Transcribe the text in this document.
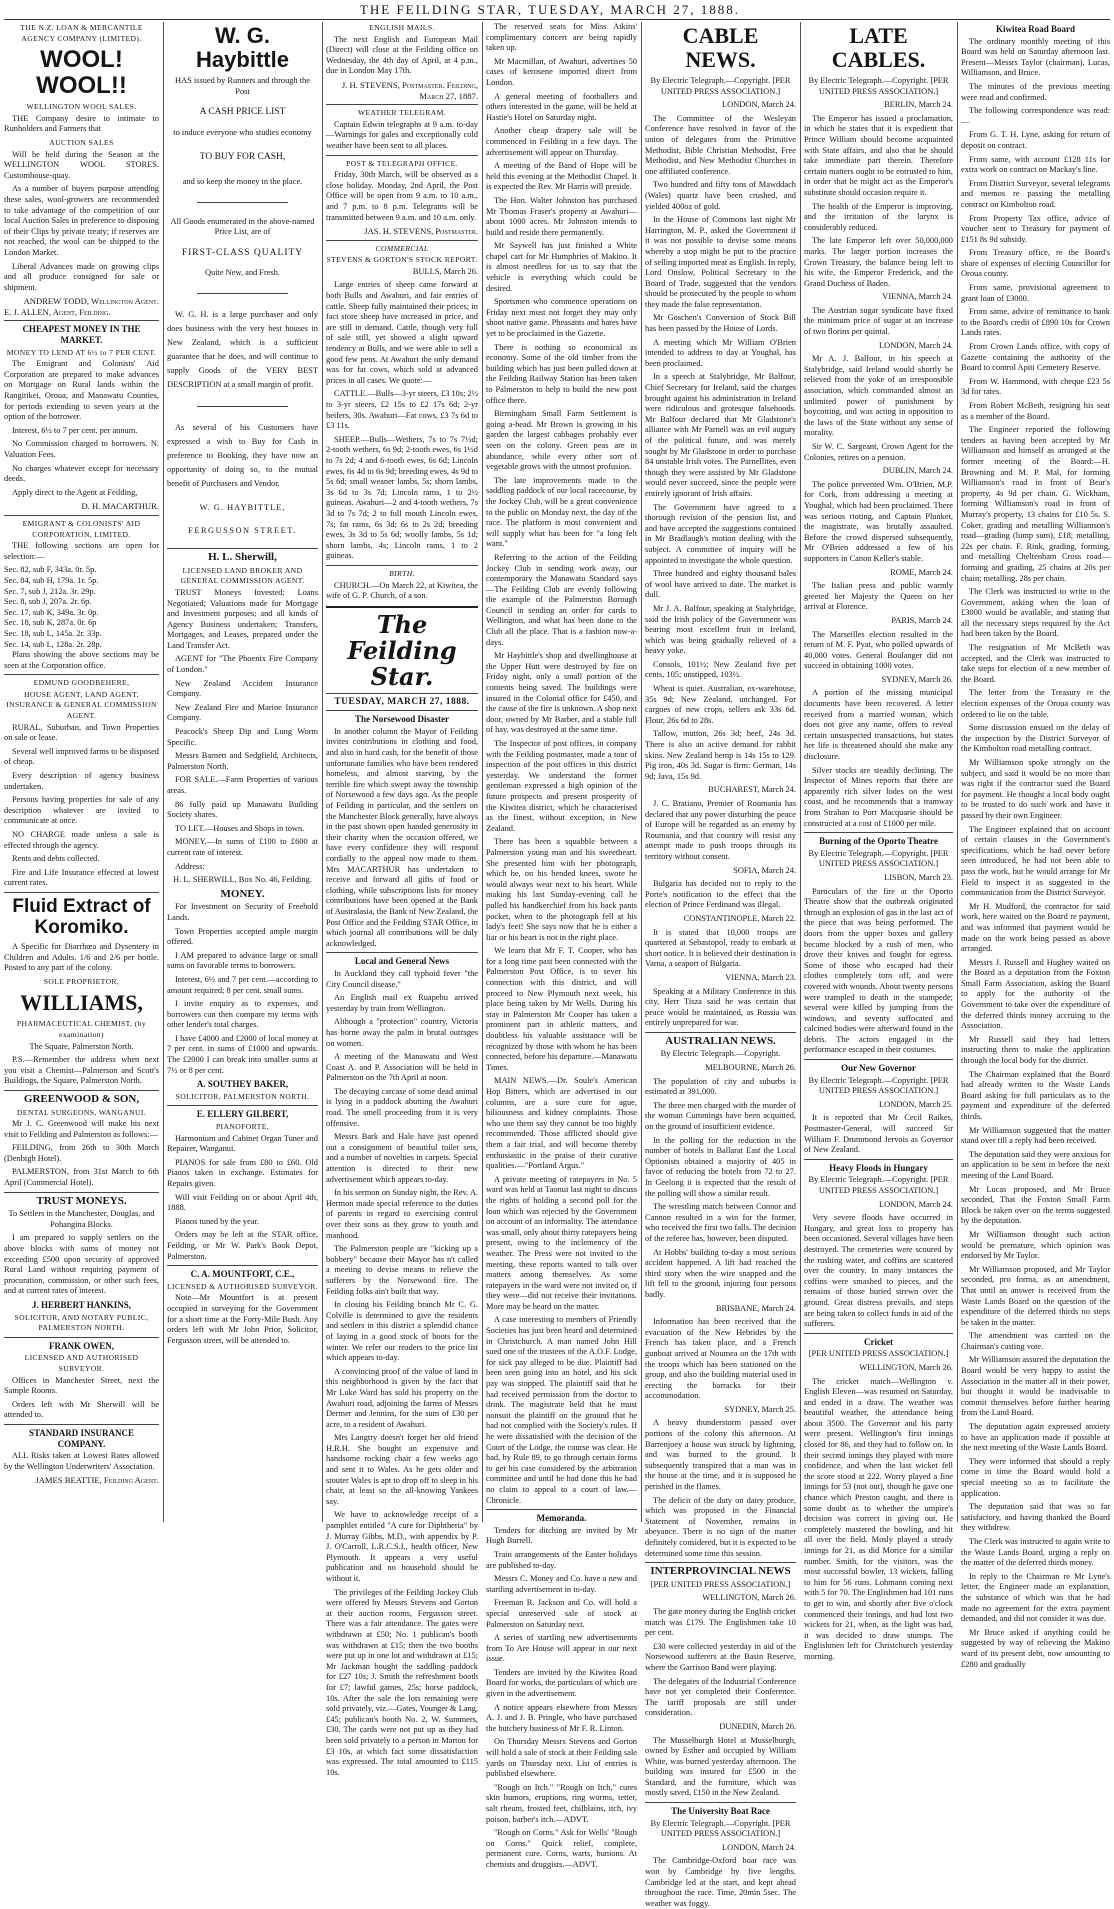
THE FEILDING STAR, TUESDAY, MARCH 27, 1888.
THE N.Z. LOAN & MERCANTILE AGENCY COMPANY (LIMITED).
WOOL! WOOL!!
WELLINGTON WOOL SALES.

THE Company desire to intimate to Runholders and Farmers that

AUCTION SALES

Will be held during the Season at the WELLINGTON WOOL STORES. Customhouse-quay.

As a number of buyers purpose attending these sales, wool-growers are recommended to take advantage of the competition of our local Auction Sales in preference to disposing of their Clips by private treaty; if reserves are not reached, the wool can be shipped to the London Market.

Liberal Advances made on growing clips and all produce consigned for sale or shipment.

ANDREW TODD, Wellington Agent.
E. J. ALLEN, Agent, Feilding.
CHEAPEST MONEY IN THE MARKET.
MONEY TO LEND AT 6½ to 7 PER CENT.

The Emigrant and Colonists' Aid Corporation are prepared to make advances on Mortgage on Rural lands within the Rangitikei, Oroua, and Manawatu Counties, for periods extending to seven years at the option of the borrower.

Interest, 6½ to 7 per cent. per annum.

No Commission charged to borrowers. N. Valuation Fees.

No charges whatever except for necessary deeds.

Apply direct to the Agent at Feilding,

D. H. MACARTHUR.
EMIGRANT & COLONISTS' AID CORPORATION, LIMITED.

THE following sections are open for selection:—

Sec. 82, sub F, 343a. 0r. 5p.
Sec. 84, sub H, 179a. 1r. 5p.
Sec. 7, sub J, 212a. 3r. 29p.
Sec. 8, sub J, 207a. 2r. 6p.
Sec. 17, sub K, 349a. 3r. 0p.
Sec. 18, sub K, 287a. 0r. 6p
Sec. 18, sub L, 145a. 2r. 33p.
Sec. 14, sub L, 128a. 2r. 28p.

Plans showing the above sections may be seen at the Corporation office.

EDMUND GOODBEHERE,
HOUSE AGENT, LAND AGENT, INSURANCE & GENERAL COMMISSION AGENT.

RURAL, Suburban, and Town Properties on sale or lease.

Several well improved farms to be disposed of cheap.

Every description of agency business undertaken.

Persons having properties for sale of any description whatever are invited to communicate at once.

NO CHARGE made unless a sale is effected through the agency.

Rents and debts collected.

Fire and Life Insurance effected at lowest current rates.

Fluid Extract of Koromiko.

A Specific for Diarrhœa and Dysentery in Children and Adults. 1/6 and 2/6 per bottle. Posted to any part of the colony.

SOLE PROPRIETOR,
WILLIAMS,
PHARMACEUTICAL CHEMIST, (by examination)

The Square, Palmerston North.

P.S.—Remember the address when next you visit a Chemist—Palmerson and Scott's Buildings, the Square, Palmerston North.

GREENWOOD & SON,
DENTAL SURGEONS, WANGANUI.

Mr J. C. Greenwood will make his next visit to Feilding and Palmerston as follows:—

FEILDING, from 26th to 30th March (Denbigh Hotel).

PALMERSTON, from 31st March to 6th April (Commercial Hotel).

TRUST MONEYS.

To Settlers in the Manchester, Douglas, and Pohangina Blocks.

I am prepared to supply settlers on the above blocks with sums of money not exceeding £500 upon security of approved Rural Land without requiring payment of procuration, commission, or other such fees, and at current rates of interest.

J. HERBERT HANKINS,
SOLICITOR, AND NOTARY PUBLIC, PALMERSTON NORTH.
FRANK OWEN,
LICENSED AND AUTHORISED SURVEYOR.

Offices in Manchester Street, next the Sample Rooms.

Orders left with Mr Sherwill will be attended to.

STANDARD INSURANCE COMPANY.

ALL Risks taken at Lowest Rates allowed by the Wellington Underwriters' Association.

JAMES BEATTIE, Feilding Agent.
W. G. Haybittle

HAS issued by Runners and through the Post

A CASH PRICE LIST

to induce everyone who studies economy

TO BUY FOR CASH,

and so keep the money in the place.

All Goods enumerated in the above-named Price List, are of

FIRST-CLASS QUALITY

Quite New, and Fresh.

W. G. H. is a large purchaser and only does business with the very best houses in New Zealand, which is a sufficient guarantee that he does, and will continue to supply Goods of the VERY BEST DESCRIPTION at a small margin of profit.

As several of his Customers have expressed a wish to Buy for Cash in preference to Booking, they have now an opportunity of doing so, to the mutual benefit of Purchasers and Vendor.

W. G. HAYBITTLE,

FERGUSSON STREET.

H. L. Sherwill,
LICENSED LAND BROKER AND GENERAL COMMISSION AGENT.

TRUST Moneys Invested; Loans Negotiated; Valuations made for Mortgage and Investment purposes; and all kinds of Agency Business undertaken; Transfers, Mortgages, and Leases, prepared under the Land Transfer Act.

AGENT for "The Phoenix Fire Company of London."

New Zealand Accident Insurance Company.

New Zealand Fire and Marine Insurance Company.

Peacock's Sheep Dip and Lung Worm Specific.

Messrs Barnett and Sedgfield, Architects, Palmerston North.

FOR SALE.—Farm Properties of various areas.

86 fully paid up Manawatu Building Society shares.

TO LET.—Houses and Shops in town.

MONEY.—In sums of £100 to £600 at current rate of interest.

Address:

H. L. SHERWILL, Box No. 46, Feilding.

MONEY.

For Investment on Security of Freehold Lands.

Town Properties accepted ample margin offered.

I AM prepared to advance large or small sums on favorable terms to borrowers.

Interest, 6½ and 7 per cent.—according to amount required; 8 per cent. small sums.

I invite enquiry as to expenses, and borrowers can then compare my terms with other lender's total charges.

I have £4000 and £2000 of local money at 7 per cent. in sums of £1000 and upwards. The £2000 I can break into smaller sums at 7½ or 8 per cent.

A. SOUTHEY BAKER,
SOLICITOR, PALMERSTON NORTH.
E. ELLERY GILBERT,
PIANOFORTE,

Harmonium and Cabinet Organ Tuner and Repairer, Wanganui.

PIANOS for sale from £80 to £60. Old Pianos taken in exchange. Estimates for Repairs given.

Will visit Feilding on or about April 4th, 1888.

Pianos tuned by the year.

Orders may be left at the STAR office, Feilding, or Mr W. Park's Book Depot, Palmerston.

C. A. MOUNTFORT, C.E.,
LICENSED & AUTHORISED SURVEYOR.

Note—Mr Mountfort is at present occupied in surveying for the Government for a short time at the Forty-Mile Bush. Any orders left with Mr John Prior, Solicitor, Fergusson street, will be attended to.

ENGLISH MAILS.

The next English and European Mail (Direct) will close at the Feilding office on Wednesday, the 4th day of April, at 4 p.m., due in London May 17th.

J. H. STEVENS, Postmaster. Feilding, March 27, 1887.
WEATHER TELEGRAM.

Captain Edwin telegraphs at 9 a.m. to-day—Warnings for gales and exceptionally cold weather have been sent to all places.

POST & TELEGRAPH OFFICE.

Friday, 30th March, will be observed as a close holiday. Monday, 2nd April, the Post Office will be open from 9 a.m. to 10 a.m., and 7 p.m. to 8 p.m. Telegrams will be transmitted between 9 a.m. and 10 a.m. only.

JAS. H. STEVENS, Postmaster.
COMMERCIAL
STEVENS & GORTON'S STOCK REPORT.

BULLS, March 26.

Large entries of sheep came forward at both Bulls and Awahuri, and fair entries of cattle. Sheep fully maintained their prices; in fact store sheep have increased in price, and are still in demand. Cattle, though very full of sale still, yet showed a slight upward tendency at Bulls, and we were able to sell a good few pens. At Awahuri the only demand was for fat cows, which sold at advanced prices in all cases. We quote:—

CATTLE.—Bulls—3-yr steers, £3 10s; 2½ to 3-yr steers, £2 15s to £2 17s 6d; 2-yr heifers, 30s. Awahuri—Fat cows, £3 7s 6d to £3 11s.

SHEEP.—Bulls—Wethers, 7s to 7s 7½d; 2-tooth wethers, 6s 9d; 2-tooth ewes, 6s 1½d to 7s 2d; 4 and 6-tooth ewes, 6s 6d; Lincoln ewes, 6s 4d to 6s 9d; breeding ewes, 4s 9d to 5s 6d; small weaner lambs, 5s; shorn lambs, 3s 6d to 3s 7d; Lincoln rams, 1 to 2½ guineas. Awahuri—2 and 4-tooth wethers, 7s 3d to 7s 7d; 2 to full mouth Lincoln ewes, 7s; fat rams, 6s 3d; 6s to 2s 2d; breeding ewes, 3s 3d to 5s 6d; woolly lambs, 5s 1d; shorn lambs, 4s; Lincoln rams, 1 to 2 guineas.

BIRTH.

CHURCH.—On March 22, at Kiwitea, the wife of G. P. Church, of a son.

The Feilding Star.
TUESDAY, MARCH 27, 1888.
The Norsewood Disaster

In another column the Mayor of Feilding invites contributions in clothing and food, and also in hard cash, for the benefit of those unfortunate families who have been rendered homeless, and almost starving, by the terrible fire which swept away the township of Norsewood a few days ago. As the people of Feilding in particular, and the settlers on the Manchester Block generally, have always in the past shown open handed generosity in their charity when the occasion offered, we have every confidence they will respond cordially to the appeal now made to them. Mrs MACARTHUR has undertaken to receive and forward all gifts of food or clothing, while subscriptions lists for money contributions have been opened at the Bank of Australasia, the Bank of New Zealand, the Post Office and the Feilding STAR Office, in which journal all contributions will be duly acknowledged.

Local and General News

In Auckland they call typhoid fever "the City Council disease."

An English mail ex Ruapehu arrived yesterday by train from Wellington.

Although a "protection" country, Victoria has borne away the palm in brutal outrages on women.

A meeting of the Manawatu and West Coast A. and P. Association will be held in Palmerston on the 7th April at noon.

The decaying carcase of some dead animal is lying in a paddock abutting the Awahuri road. The smell proceeding from it is very offensive.

Messrs Bark and Hale have just opened out a consignment of beautiful toilet sets, and a number of novelties in carpets. Special attention is directed to their new advertisement which appears to-day.

In his sermon on Sunday night, the Rev. A. Hermon made special reference to the duties of parents in regard to exercising control over their sons as they grow to youth and manhood.

The Palmerston people are "kicking up a bobbery" because their Mayor has n't called a meeting to devise means to relieve the sufferers by the Norsewood fire. The Feilding folks ain't built that way.

In closing his Feilding branch Mr C. G. Colville is determined to give the residents and settlers in this district a splendid chance of laying in a good stock of boots for the winter. We refer our readers to the price list which appears to-day.

A convincing proof of the value of land in this neighborhood is given by the fact that Mr Luke Ward has sold his property on the Awahuri road, adjoining the farms of Messrs Dermer and Jennins, for the sum of £30 per acre, to a resident of Awahuri.

Mrs Langtry doesn't forget her old friend H.R.H. She bought an expensive and handsome rocking chair a few weeks ago and sent it to Wales. As he gets older and stouter Wales is apt to drop off to sleep in his chair, at least so the all-knowing Yankees say.

We have to acknowledge receipt of a pamphlet entitled "A cure for Diphtheria" by J. Murray Gibbs, M.D., with appendix by P. J. O'Carroll, L.R.C.S.I., health officer, New Plymouth. It appears a very useful publication and no household should be without it.

The privileges of the Feilding Jockey Club were offered by Messrs Stevens and Gorton at their auction rooms, Fergusson street. There was a fair attendance. The gates were withdrawn at £50; No. 1 publican's booth was withdrawn at £15; then the two booths were put up in one lot and withdrawn at £15; Mr Jackman bought the saddling paddock for £27 10s; J. Smith the refreshment booth for £7; lawful games, 25s; horse paddock, 10s. After the sale the lots remaining were sold privately, viz.—Gates, Younger & Lang, £45; publican's booth No. 2, W. Summers, £30. The cards were not put up as they had been sold privately to a person in Marton for £3 10s, at which fact some dissatisfaction was expressed. The total amounted to £115 10s.

The reserved seats for Miss Atkins' complimentary concert are being rapidly taken up.

Mr Macmillan, of Awahuri, advertises 50 cases of kerosene imported direct from London.

A general meeting of footballers and others interested in the game, will be held at Hastie's Hotel on Saturday night.

Another cheap drapery sale will be commenced in Feilding in a few days. The advertisement will appear on Thursday.

A meeting of the Band of Hope will be held this evening at the Methodist Chapel. It is expected the Rev. Mr Harris will preside.

The Hon. Walter Johnston has purchased Mr Thomas Fraser's property at Awahuri—about 1000 acres. Mr Johnston intends to build and reside there permanently.

Mr Saywell has just finished a White chapel cart for Mr Humphries of Makino. It is almost needless for us to say that the vehicle is everything which could be desired.

Sportsmen who commence operations on Friday next must not forget they may only shoot native game. Pheasants and hares have yet to be proclaimed in the Gazette.

There is nothing so economical as economy. Some of the old timber from the building which has just been pulled down at the Feilding Railway Station has been taken to Palmerston to help to build the new post office there.

Birmingham Small Farm Settlement is going a-head. Mr Brown is growing in his garden the largest cabbages probably ever seen on the colony. Green peas are in abundance, while every other sort of vegetable grows with the utmost profusion.

The late improvements made to the saddling paddock of our local racecourse, by the Jockey Club, will be a great convenience to the public on Monday next, the day of the race. The platform is most convenient and will supply what has been for "a long felt want."

Referring to the action of the Feilding Jockey Club in sending work away, our contemporary the Manawatu Standard says—The Feilding Club are evenly following the example of the Palmerston Borough Council in sending an order for cards to Wellington, and what has been done to the Club all the place. That is a fashion now-a-days.

Mr Haybittle's shop and dwellinghouse at the Upper Hutt were destroyed by fire on Friday night, only a small portion of the contents being saved. The buildings were insured in the Colonial office for £450, and the cause of the fire is unknown. A shop next door, owned by Mr Barber, and a stable full of hay, was destroyed at the same time.

The Inspector of post offices, in company with the Feilding postmaster, made a tour of inspection of the post offices in this district yesterday. We understand the former gentleman expressed a high opinion of the future prospects and present prosperity of the Kiwitea district, which he characterised as the finest, without exception, in New Zealand.

There has been a squabble between a Palmerston young man and his sweetheart. She presented him with her photograph, which he, on his bended knees, swore he would always wear next to his heart. While making his last Sunday-evening call he pulled his handkerchief from his back pants pocket, when to the photograph fell at his lady's feet! She says now that he is either a liar or his heart is not in the right place.

We learn that Mr F. T. Cooper, who has for a long time past been connected with the Palmerston Post Office, is to sever his connection with this district, and will proceed to New Plymouth next week, his place being taken by Mr Wells. During his stay in Palmerston Mr Cooper has taken a prominent part in athletic matters, and doubtless his valuable assistance will be recognized by those with whom he has been connected, before his departure.—Manawatu Times.

MAIN NEWS.—Dr. Soule's American Hop Bitters, which are advertised in our columns, are a sure cure for ague, biliousness and kidney complaints. Those who use them say they cannot be too highly recommended. Those afflicted should give them a fair trial, and will become thereby enthusiastic in the praise of their curative qualities.—"Portland Argus."

A private meeting of ratepayers in No. 5 ward was held at Taonui last night to discuss the rights of holding a second poll for the loan which was rejected by the Government on account of an informality. The attendance was small, only about thirty ratepayers being present, owing to the inclemency of the weather. The Press were not invited to the meeting, these reports wanted to talk over matters among themselves. As some ratepayers in the ward were not invited or, if they were—did not receive their invitations. More may be heard on the matter.

A case interesting to members of Friendly Societies has just been heard and determined in Christchurch. A man named John Hill sued one of the trustees of the A.O.F. Lodge, for sick pay alleged to be due. Plaintiff had been seen going into an hotel, and his sick pay was stopped. The plaintiff said that he had received permission from the doctor to drink. The magistrate held that he must nonsuit the plaintiff on the ground that he had not complied with the Society's rules. If he were dissatisfied with the decision of the Court of the Lodge, the course was clear. He had, by Rule 89, to go through certain forms to get his case considered by the arbitration committee and until he had done this he had no claim to appeal to a court of law.—Chronicle.

Memoranda.

Tenders for ditching are invited by Mr Hugh Burrell.

Train arrangements of the Easter holidays are published to-day.

Messrs C. Money and Co. have a new and startling advertisement in to-day.

Freeman R. Jackson and Co. will hold a special unreserved sale of stock at Palmerston on Saturday next.

A series of startling new advertisements from To Are House will appear in our next issue.

Tenders are invited by the Kiwitea Road Board for works, the particulars of which are given in the advertisement.

A notice appears elsewhere from Messrs A. J. and J. B. Pringle, who have purchased the butchery business of Mr F. R. Linton.

On Thursday Messrs Stevens and Gorton will hold a sale of stock at their Feilding sale yards on Thursday next. List of entries is published elsewhere.

"Rough on Itch." "Rough on Itch," cures skin humors, eruptions, ring worms, tetter, salt rheum, frosted feet, chilblains, itch, ivy poison, barber's itch.—ADVT.

"Rough on Corns." Ask for Wells' "Rough on Corns." Quick relief, complete, permanent cure. Corns, warts, bunions. At chemists and druggists.—ADVT.

CABLE NEWS.

By Electric Telegraph.—Copyright. [PER UNITED PRESS ASSOCIATION.]

LONDON, March 24.

The Committee of the Wesleyan Conference have resolved in favor of the union of delegates from the Primitive Methodist, Bible Christian Methodist, Free Methodist, and New Methodist Churches in one affiliated conference.

Two hundred and fifty tons of Mawddach (Wales) quartz have been crushed, and yielded 400oz of gold.

In the House of Commons last night Mr Harrington, M. P., asked the Government if it was not possible to devise some means whereby a stop might be put to the practice of selling imported meat as English. In reply, Lord Onslow, Political Secretary to the Board of Trade, suggested that the vendors should be prosecuted by the people to whom they made the false representation.

Mr Goschen's Conversion of Stock Bill has been passed by the House of Lords.

A meeting which Mr William O'Brien intended to address to day at Youghal, has been proclaimed.

In a speech at Stalybridge, Mr Balfour, Chief Secretary for Ireland, said the charges brought against his administration in Ireland were ridiculous and grotesque falsehoods. Mr Balfour declared that Mr Gladstone's alliance with Mr Parnell was an evil augury of the political future, and was merely sought by Mr Gladstone in order to purchase 84 unstable Irish votes. The Parnellites, even though they were assisted by Mr Gladstone would never succeed, since the people were entirely ignorant of Irish affairs.

The Government have agreed to a thorough revision of the pension list, and and have accepted the suggestions contained in Mr Bradlaugh's motion dealing with the subject. A committee of inquiry will be appointed to investigate the whole question.

Three hundred and eighty thousand bales of wool have arrived to date. The market is dull.

Mr J. A. Balfour, speaking at Stalybridge, said the Irish policy of the Government was bearing most excellent fruit in Ireland, which was being gradually relieved of a heavy yoke.

Consols, 101½; New Zealand five per cents, 105; unstipped, 103½.

Wheat is quiet. Australian, ex-warehouse, 35s 9d; New Zealand, unchanged. For cargoes of new crops, sellers ask 33s 6d. Flour, 26s 6d to 28s.

Tallow, mutton, 26s 3d; beef, 24s 3d. There is also an active demand for rabbit skins. New Zealand hemp is 14s 15s to 129. Pig iron, 40s 3d. Sugar is firm: German, 14s 9d; Java, 15s 9d.

BUCHAREST, March 24.

J. C. Bratiano, Premier of Roumania has declared that any power disturbing the peace of Europe will be regarded as an enemy by Roumania, and that country will resist any attempt made to push troops through its territory without consent.

SOFIA, March 24.

Bulgaria has decided not to reply to the Porte's notification to the effect that the election of Prince Ferdinand was illegal.

CONSTANTINOPLE, March 22.

It is stated that 10,000 troops are quartered at Sebastopol, ready to embark at short notice. It is believed their destination is Varna, a seaport of Bulgaria.

VIENNA, March 23.

Speaking at a Military Conference in this city, Herr Tisza said he was certain that peace would be maintained, as Russia was entirely unprepared for war.

AUSTRALIAN NEWS.

By Electric Telegraph.—Copyright.

MELBOURNE, March 26.

The population of city and suburbs is estimated at 391,000.

The three men charged with the murder of the woman Cummings have been acquitted, on the ground of insufficient evidence.

In the polling for the reduction in the number of hotels in Ballarat East the Local Optionists obtained a majority of 405 in favor of reducing the hotels from 72 to 27. In Geelong it is expected that the result of the polling will show a similar result.

The wrestling match between Connor and Cannon resulted in a win for the former, who received the first two falls. The decision of the referee has, however, been disputed.

At Hobbs' building to-day a most serious accident happened. A lift had reached the third story when the wire snapped and the lift fell to the ground, injuring four persons badly.

BRISBANE, March 24.

Information has been received that the evacuation of the New Hebrides by the French has taken place, and a French gunboat arrived at Noumea on the 17th with the troops which has been stationed on the group, and also the building material used in erecting the barracks for their accommodation.

SYDNEY, March 25.

A heavy thunderstorm passed over portions of the colony this afternoon. At Barrenjoey a house was struck by lightning, and was burned to the ground. It subsequently transpired that a man was in the house at the time, and it is supposed he perished in the flames.

The deficit of the duty on dairy produce, which was proposed in the Financial Statement of November, remains in abeyance. There is no sign of the matter definitely considered, but it is expected to be determined some time this session.

INTERPROVINCIAL NEWS

[PER UNITED PRESS ASSOCIATION.]

WELLINGTON, March 26.

The gate money during the English cricket match was £179. The Englishmen take 10 per cent.

£30 were collected yesterday in aid of the Norsewood sufferers at the Basin Reserve, where the Garrison Band were playing.

The delegates of the Industrial Conference have not yet completed their Conference. The tariff proposals are still under consideration.

DUNEDIN, March 26.

The Musselburgh Hotel at Musselburgh, owned by Esther and occupied by William White, was burned yesterday afternoon. The building was insured for £500 in the Standard, and the furniture, which was mostly saved, £150 in the New Zealand.

The University Boat Race

By Electric Telegraph.—Copyright. [PER UNITED PRESS ASSOCIATION.]

LONDON, March 24.

The Cambridge-Oxford boat race was won by Cambridge by five lengths. Cambridge led at the start, and kept ahead throughout the race. Time, 20min 5sec. The weather was foggy.

LATE CABLES.

By Electric Telegraph.—Copyright. [PER UNITED PRESS ASSOCIATION.]

BERLIN, March 24.

The Emperor has issued a proclamation, in which he states that it is expedient that Prince William should become acquainted with State affairs, and also that he should take immediate part therein. Therefore certain matters ought to be entrusted to him, in order that he might act as the Emperor's substitute should occasion require it.

The health of the Emperor is improving, and the irritation of the larynx is considerably reduced.

The late Emperor left over 50,000,000 marks. The larger portion increases the Crown Treasury, the balance being left to his wife, the Emperor Frederick, and the Grand Duchess of Baden.

VIENNA, March 24.

The Austrian sugar syndicate have fixed the minimum price of sugar at an increase of two florins per quintal.

LONDON, March 24.

Mr A. J. Balfour, in his speech at Stalybridge, said Ireland would shortly be relieved from the yoke of an irresponsible association, which commanded almost an unlimited power of punishment by boycotting, and was acting in opposition to the laws of the State without any sense of morality.

Sir W. C. Sargeant, Crown Agent for the Colonies, retires on a pension.

DUBLIN, March 24.

The police prevented Wm. O'Brien, M.P. for Cork, from addressing a meeting at Youghal, which had been proclaimed. There was serious rioting, and Captain Plunket, the magistrate, was brutally assaulted. Before the crowd dispersed subsequently, Mr O'Brien addressed a few of his supporters in Canon Keller's stable.

ROME, March 24.

The Italian press and public warmly greeted her Majesty the Queen on her arrival at Florence.

PARIS, March 24.

The Marseilles election resulted in the return of M. F. Pyat, who polled upwards of 40,000 votes. General Boulanger did not succeed in obtaining 1000 votes.

SYDNEY, March 26.

A portion of the missing municipal documents have been recovered. A letter received from a married woman, which does not give any name, offers to reveal certain unsuspected transactions, but states her life is threatened should she make any disclosure.

Silver stocks are steadily declining. The Inspector of Mines reports that there are apparently rich silver lodes on the west coast, and he recommends that a tramway from Strahan to Port Macquarie should be constructed at a cost of £1000 per mile.

Burning of the Oporto Theatre

By Electric Telegraph.—Copyright. [PER UNITED PRESS ASSOCIATION.]

LISBON, March 23.

Particulars of the fire at the Oporto Theatre show that the outbreak originated through an explosion of gas in the last act of the piece that was being performed. The doors from the upper boxes and gallery became blocked by a rush of men, who drove their knives and fought for egress. Some of those who escaped had their clothes completely torn off, and were covered with wounds. About twenty persons were trampled to death in the stampede; several were killed by jumping from the windows, and seventy suffocated and calcined bodies were afterward found in the debris. The actors engaged in the performance escaped in their costumes.

Our New Governor

By Electric Telegraph.—Copyright. [PER UNITED PRESS ASSOCIATION.]

LONDON, March 25.

It is reported that Mr Cecil Raikes, Postmaster-General, will succeed Sir William F. Drummond Jervois as Governor of New Zealand.

Heavy Floods in Hungary

By Electric Telegraph.—Copyright. [PER UNITED PRESS ASSOCIATION.]

LONDON, March 24.

Very severe floods have occurred in Hungary, and great loss to property has been occasioned. Several villages have been destroyed. The cemeteries were scoured by the rushing water, and coffins are scattered over the country. In many instances the coffins were smashed to pieces, and the remains of those buried strewn over the ground. Great distress prevails, and steps are being taken to collect funds in aid of the sufferers.

Cricket

[PER UNITED PRESS ASSOCIATION.]

WELLINGTON, March 26.

The cricket match—Wellington v. English Eleven—was resumed on Saturday, and ended in a draw. The weather was beautiful weather, the attendance being about 3500. The Governor and his party were present. Wellington's first innings closed for 86, and they had to follow on. In their second innings they played with more confidence, and when the last wicket fell the score stood at 222. Worry played a fine innings for 53 (not out), though he gave one chance which Preston caught, and there is some doubt as to whether the umpire's decision was correct in giving out. He completely mastered the bowling, and hit all over the field. Mosly played a steady innings for 21, as did Morice for a similar number. Smith, for the visitors, was the most successful bowler, 13 wickets, falling to him for 56 runs. Lohmann coming next with 5 for 70. The Englishmen had 101 runs to get to win, and shortly after five o'clock commenced their innings, and had lost two wickets for 21, when, as the light was bad, it was decided to draw stumps. The Englishmen left for Christchurch yesterday morning.

Kiwitea Road Board

The ordinary monthly meeting of this Board was held on Saturday afternoon last. Present—Messrs Taylor (chairman), Lucas, Williamson, and Bruce.

The minutes of the previous meeting were read and confirmed.

The following correspondence was read:—

From G. T. H. Lyne, asking for return of deposit on contract.

From same, with account £128 11s for extra work on contract on Mackay's line.

From District Surveyor, several telegrams and memos re passing the metalling contract on Kimbolton road.

From Property Tax office, advice of voucher sent to Treasury for payment of £151 8s 9d subsidy.

From Treasury office, re the Board's share of expenses of electing Councillor for Oroua county.

From same, provisional agreement to grant loan of £3000.

From same, advice of remittance to bank to the Board's credit of £890 10s for Crown Lands rates.

From Crown Lands office, with copy of Gazette containing the authority of the Board to control Apiti Cemetery Reserve.

From W. Hammond, with cheque £23 5s 3d for rates.

From Robert McBeth, resigning his seat as a member of the Board.

The Engineer reported the following tenders as having been accepted by Mr Williamson and himself as arranged at the former meeting of the Board:—H. Browning and M. P. Mal, for forming Williamson's road in front of Bear's property, 4s 9d per chain. G. Wickham, forming Williamson's road in front of Murray's property, 13 chains for £10 5s. S. Coker, grading and metalling Williamson's road—grading (lump sum), £18; metalling, 22s per chain. F. Rink, grading, forming, and metalling Cheltenham Cross road—forming and grading, 25 chains at 20s per chain; metalling, 28s per chain.

The Clerk was instructed to write to the Government, asking when the loan of £3000 would be available, and stating that all the necessary steps required by the Act had been taken by the Board.

The resignation of Mr McBeth was accepted, and the Clerk was instructed to take steps for election of a new member of the Board.

The letter from the Treasury re the election expenses of the Oroua county was ordered to lie on the table.

Some discussion ensued on the delay of the inspection by the District Surveyor of the Kimbolton road metalling contract.

Mr Williamson spoke strongly on the subject, and said it would be no more than was right if the contractor sued the Board for payment. He thought a local body ought to be trusted to do such work and have it passed by their own Engineer.

The Engineer explained that on account of certain clauses in the Government's specifications, which he had never before seen introduced, he had not been able to pass the work, but he would arrange for Mr Field to inspect it as suggested in the communication from the District Surveyor.

Mr H. Mudford, the contractor for said work, here waited on the Board re payment, and was informed that payment would be made on the work being passed as above arranged.

Messrs J. Russell and Hughey waited on the Board as a deputation from the Foxton Small Farm Association, asking the Board to apply for the authority of the Government to take over the expenditure of the deferred thirds money accruing to the Association.

Mr Russell said they had letters instructing them to make the application through the local body for the district.

The Chairman explained that the Board had already written to the Waste Lands Board asking for full particulars as to the payment and expenditure of the deferred thirds.

Mr Williamson suggested that the matter stand over till a reply had been received.

The deputation said they were anxious for an application to be sent in before the next meeting of the Land Board.

Mr Lucas proposed, and Mr Bruce seconded, That the Foxton Small Farm Block be taken over on the terms suggested by the deputation.

Mr Williamson thought such action would be premature, which opinion was endorsed by Mr Taylor.

Mr Williamson proposed, and Mr Taylor seconded, pro forma, as an amendment, That until an answer is received from the Waste Lands Board on the question of the expenditure of the deferred thirds no steps be taken in the matter.

The amendment was carried on the Chairman's casting vote.

Mr Williamson assured the deputation the Board would be very happy to assist the Association in the matter all in their power, but thought it would be inadvisable to commit themselves before further hearing from the Land Board.

The deputation again expressed anxiety to have an application made if possible at the next meeting of the Waste Lands Board.

They were informed that should a reply come in time the Board would hold a special meeting so as to facilitate the application.

The deputation said that was so far satisfactory, and having thanked the Board they withdrew.

The Clerk was instructed to again write to the Waste Lands Board, urging a reply on the matter of the deferred thirds money.

In reply to the Chairman re Mr Lyne's letter, the Engineer made an explanation, the substance of which was that he had made no agreement for the extra payment demanded, and did not consider it was due.

Mr Bruce asked if anything could be suggested by way of relieving the Makino ward of its present debt, now amounting to £280 and gradually
